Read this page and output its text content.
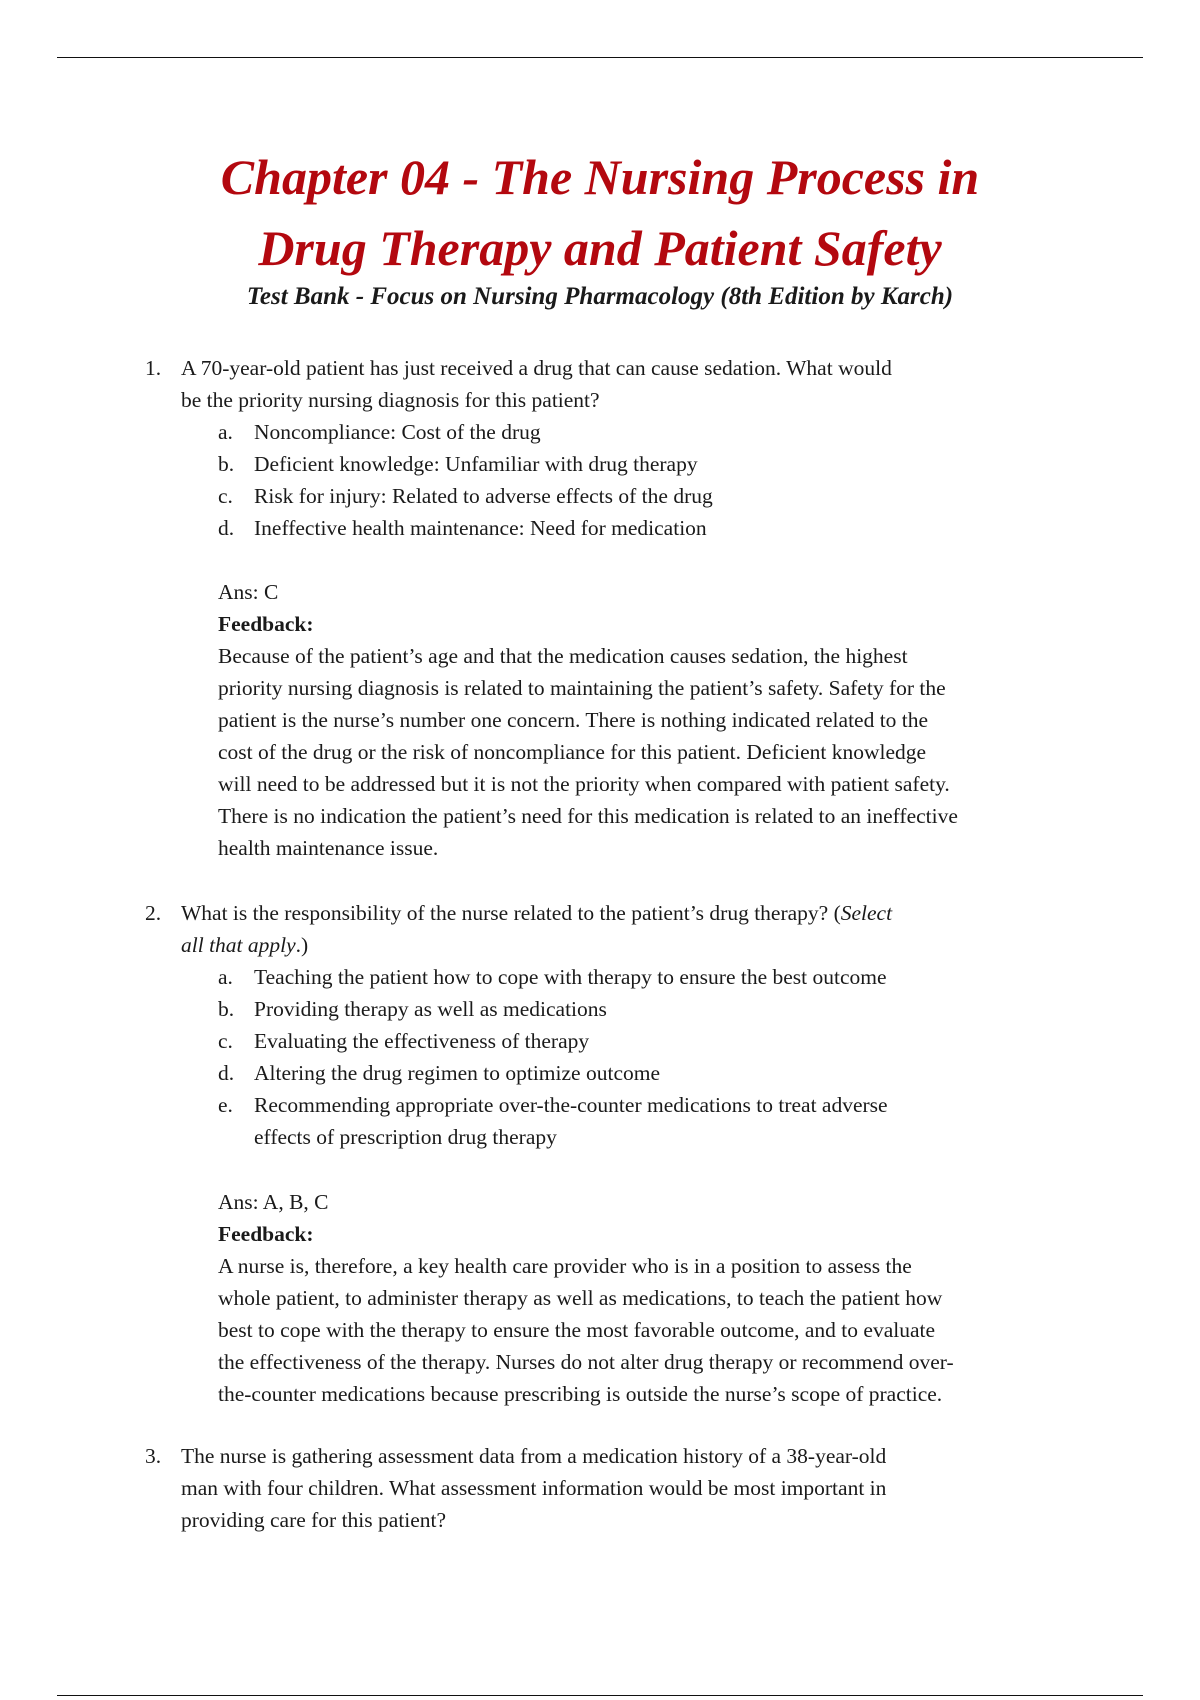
Chapter 04 - The Nursing Process in
Drug Therapy and Patient Safety

Test Bank - Focus on Nursing Pharmacology (8th Edition by Karch)

1. A 70-year-old patient has just received a drug that can cause sedation. What would
be the priority nursing diagnosis for this patient?
a. Noncompliance: Cost of the drug
b. Deficient knowledge: Unfamiliar with drug therapy
c. Risk for injury: Related to adverse effects of the drug
d. Ineffective health maintenance: Need for medication
Ans: C
Feedback:
Because of the patient’s age and that the medication causes sedation, the highest
priority nursing diagnosis is related to maintaining the patient’s safety. Safety for the
patient is the nurse’s number one concern. There is nothing indicated related to the
cost of the drug or the risk of noncompliance for this patient. Deficient knowledge
will need to be addressed but it is not the priority when compared with patient safety.
There is no indication the patient’s need for this medication is related to an ineffective
health maintenance issue.
2. What is the responsibility of the nurse related to the patient’s drug therapy? (Select
all that apply.)
a. Teaching the patient how to cope with therapy to ensure the best outcome
b. Providing therapy as well as medications
c. Evaluating the effectiveness of therapy
d. Altering the drug regimen to optimize outcome
e. Recommending appropriate over-the-counter medications to treat adverse
effects of prescription drug therapy
Ans: A, B, C
Feedback:
A nurse is, therefore, a key health care provider who is in a position to assess the
whole patient, to administer therapy as well as medications, to teach the patient how
best to cope with the therapy to ensure the most favorable outcome, and to evaluate
the effectiveness of the therapy. Nurses do not alter drug therapy or recommend over-
the-counter medications because prescribing is outside the nurse’s scope of practice.
3. The nurse is gathering assessment data from a medication history of a 38-year-old
man with four children. What assessment information would be most important in
providing care for this patient?
